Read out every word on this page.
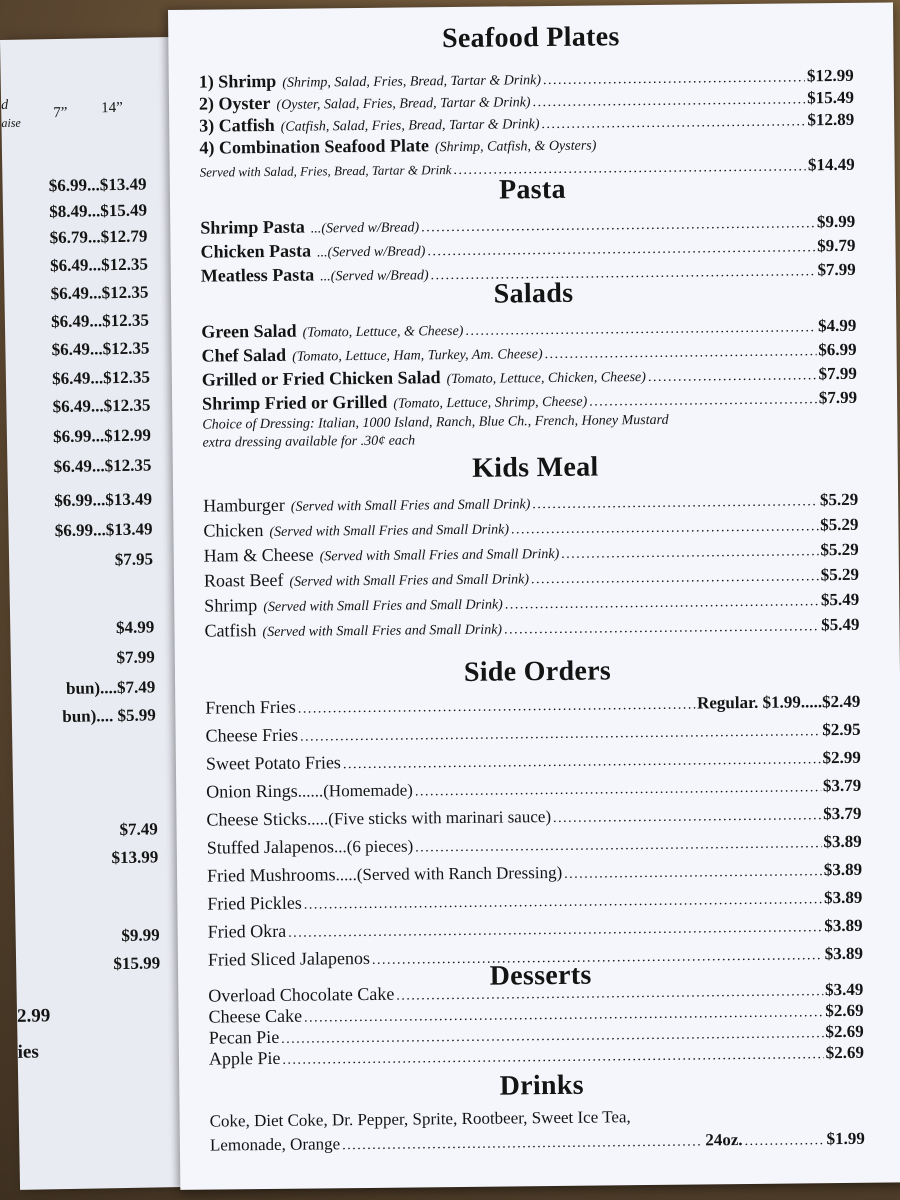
d
aise
7” 14”
$6.99...$13.49
$8.49...$15.49
$6.79...$12.79
$6.49...$12.35
$6.49...$12.35
$6.49...$12.35
$6.49...$12.35
$6.49...$12.35
$6.49...$12.35
$6.99...$12.99
$6.49...$12.35
$6.99...$13.49
$6.99...$13.49
$7.95
$4.99
$7.99
bun)....$7.49
bun).... $5.99
$7.49
$13.99
$9.99
$15.99
2.99
ies
Seafood Plates
1) Shrimp (Shrimp, Salad, Fries, Bread, Tartar & Drink) .....	$12.99
2) Oyster (Oyster, Salad, Fries, Bread, Tartar & Drink) .....	$15.49
3) Catfish (Catfish, Salad, Fries, Bread, Tartar & Drink) .....	$12.89
4) Combination Seafood Plate (Shrimp, Catfish, & Oysters)
Served with Salad, Fries, Bread, Tartar & Drink .....	$14.49
Pasta
Shrimp Pasta ...(Served w/Bread) .....	$9.99
Chicken Pasta ...(Served w/Bread) .....	$9.79
Meatless Pasta ...(Served w/Bread) .....	$7.99
Salads
Green Salad (Tomato, Lettuce, & Cheese) .....	$4.99
Chef Salad (Tomato, Lettuce, Ham, Turkey, Am. Cheese) .....	$6.99
Grilled or Fried Chicken Salad (Tomato, Lettuce, Chicken, Cheese) .....	$7.99
Shrimp Fried or Grilled (Tomato, Lettuce, Shrimp, Cheese) .....	$7.99
Choice of Dressing: Italian, 1000 Island, Ranch, Blue Ch., French, Honey Mustard
extra dressing available for .30¢ each
Kids Meal
Hamburger (Served with Small Fries and Small Drink) .....	$5.29
Chicken (Served with Small Fries and Small Drink) .....	$5.29
Ham & Cheese (Served with Small Fries and Small Drink) .....	$5.29
Roast Beef (Served with Small Fries and Small Drink) .....	$5.29
Shrimp (Served with Small Fries and Small Drink) .....	$5.49
Catfish (Served with Small Fries and Small Drink) .....	$5.49
Side Orders
French Fries .....	Regular. $1.99..... $2.49
Cheese Fries .....	$2.95
Sweet Potato Fries .....	$2.99
Onion Rings ......(Homemade) .....	$3.79
Cheese Sticks .....(Five sticks with marinari sauce) .....	$3.79
Stuffed Jalapenos ...(6 pieces) .....	$3.89
Fried Mushrooms .....(Served with Ranch Dressing) .....	$3.89
Fried Pickles .....	$3.89
Fried Okra .....	$3.89
Fried Sliced Jalapenos .....	$3.89
Desserts
Overload Chocolate Cake .....	$3.49
Cheese Cake .....	$2.69
Pecan Pie .....	$2.69
Apple Pie .....	$2.69
Drinks
Coke, Diet Coke, Dr. Pepper, Sprite, Rootbeer, Sweet Ice Tea,
Lemonade, Orange .....	24oz. .....	$1.99
